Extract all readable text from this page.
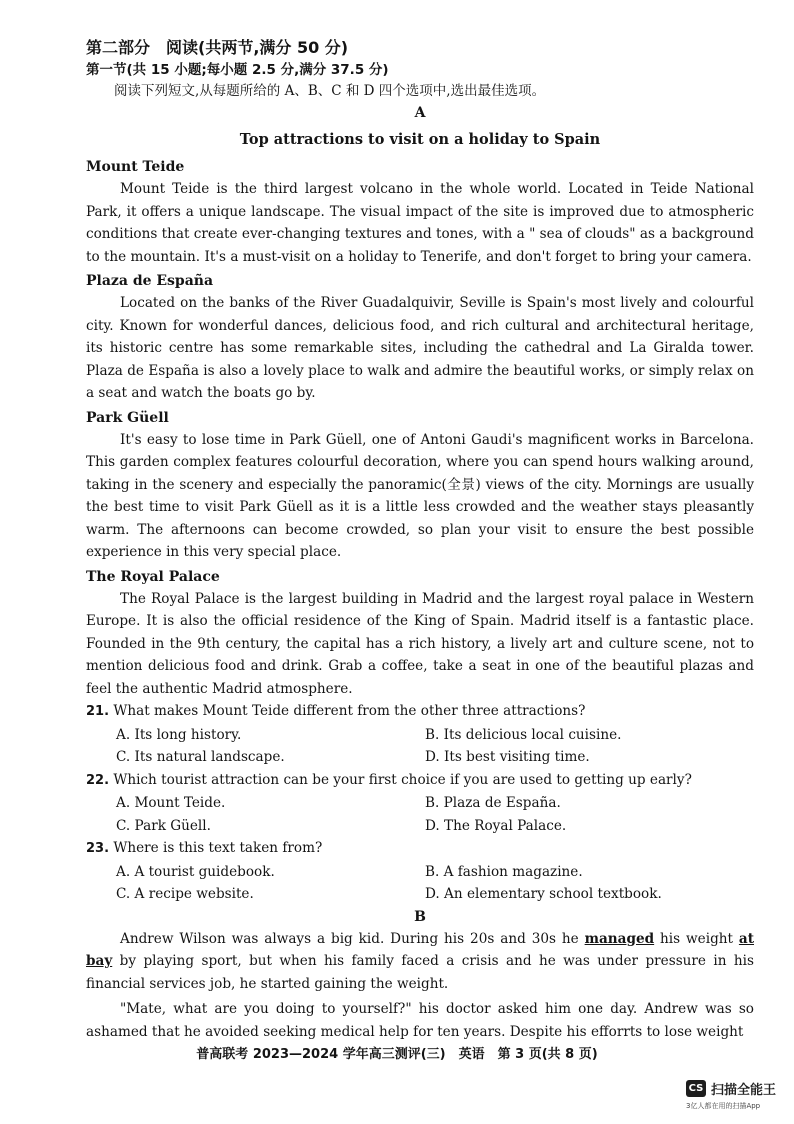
第二部分　阅读(共两节,满分 50 分)
第一节(共 15 小题;每小题 2.5 分,满分 37.5 分)
阅读下列短文,从每题所给的 A、B、C 和 D 四个选项中,选出最佳选项。
A
Top attractions to visit on a holiday to Spain
Mount Teide

Mount Teide is the third largest volcano in the whole world. Located in Teide National Park, it offers a unique landscape. The visual impact of the site is improved due to atmospheric conditions that create ever-changing textures and tones, with a " sea of clouds" as a background to the mountain. It's a must-visit on a holiday to Tenerife, and don't forget to bring your camera.

Plaza de España

Located on the banks of the River Guadalquivir, Seville is Spain's most lively and colourful city. Known for wonderful dances, delicious food, and rich cultural and architectural heritage, its historic centre has some remarkable sites, including the cathedral and La Giralda tower. Plaza de España is also a lovely place to walk and admire the beautiful works, or simply relax on a seat and watch the boats go by.

Park Güell

It's easy to lose time in Park Güell, one of Antoni Gaudi's magnificent works in Barcelona. This garden complex features colourful decoration, where you can spend hours walking around, taking in the scenery and especially the panoramic(全景) views of the city. Mornings are usually the best time to visit Park Güell as it is a little less crowded and the weather stays pleasantly warm. The afternoons can become crowded, so plan your visit to ensure the best possible experience in this very special place.

The Royal Palace

The Royal Palace is the largest building in Madrid and the largest royal palace in Western Europe. It is also the official residence of the King of Spain. Madrid itself is a fantastic place. Founded in the 9th century, the capital has a rich history, a lively art and culture scene, not to mention delicious food and drink. Grab a coffee, take a seat in one of the beautiful plazas and feel the authentic Madrid atmosphere.

21. What makes Mount Teide different from the other three attractions?
A. Its long history.	B. Its delicious local cuisine.
C. Its natural landscape.	D. Its best visiting time.
22. Which tourist attraction can be your first choice if you are used to getting up early?
A. Mount Teide.	B. Plaza de España.
C. Park Güell.	D. The Royal Palace.
23. Where is this text taken from?
A. A tourist guidebook.	B. A fashion magazine.
C. A recipe website.	D. An elementary school textbook.
B

Andrew Wilson was always a big kid. During his 20s and 30s he managed his weight at bay by playing sport, but when his family faced a crisis and he was under pressure in his financial services job, he started gaining the weight.

"Mate, what are you doing to yourself?" his doctor asked him one day. Andrew was so ashamed that he avoided seeking medical help for ten years. Despite his efforrts to lose weight

普高联考 2023—2024 学年高三测评(三)　英语　第 3 页(共 8 页)
CS 扫描全能王
3亿人都在用的扫描App
